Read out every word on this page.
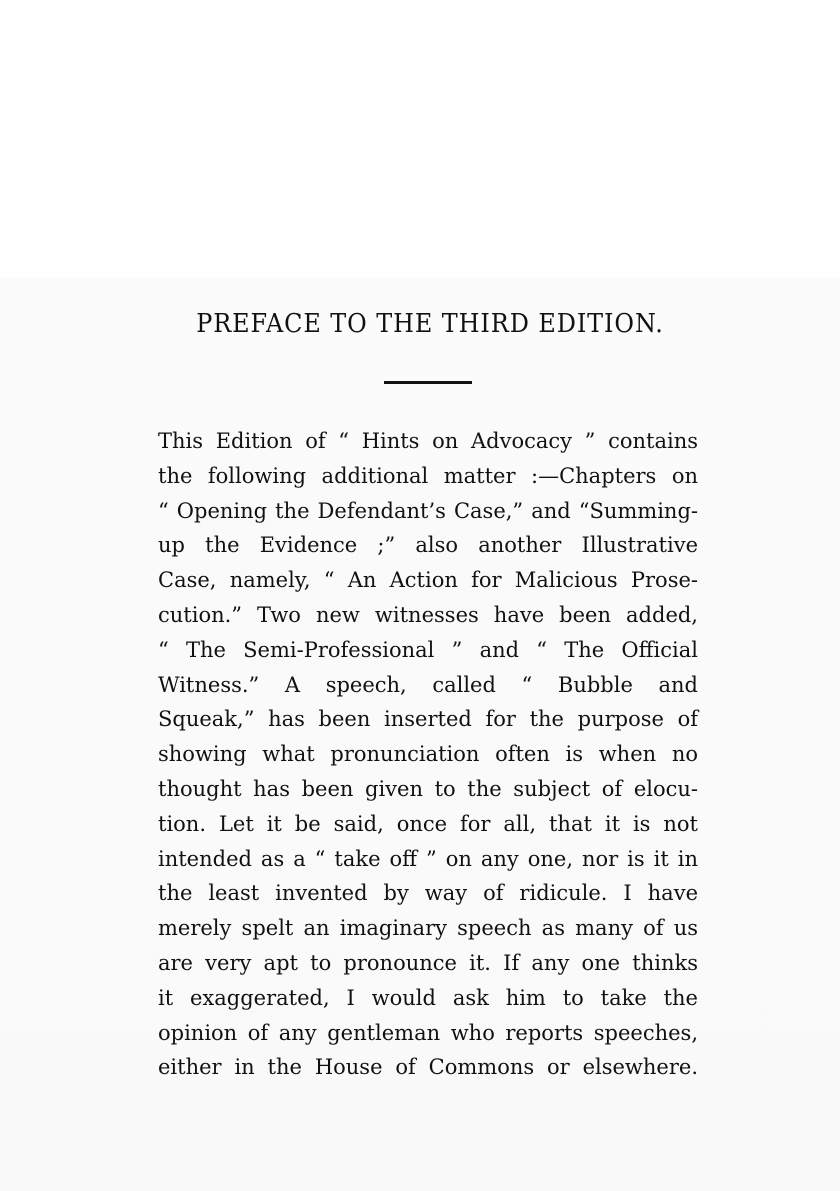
PREFACE TO THE THIRD EDITION.
This Edition of “ Hints on Advocacy ” contains
the following additional matter :—Chapters on
“ Opening the Defendant’s Case,” and “Summing-
up the Evidence ;” also another Illustrative
Case, namely, “ An Action for Malicious Prose-
cution.” Two new witnesses have been added,
“ The Semi-Professional ” and “ The Official
Witness.” A speech, called “ Bubble and
Squeak,” has been inserted for the purpose of
showing what pronunciation often is when no
thought has been given to the subject of elocu-
tion. Let it be said, once for all, that it is not
intended as a “ take off ” on any one, nor is it in
the least invented by way of ridicule. I have
merely spelt an imaginary speech as many of us
are very apt to pronounce it. If any one thinks
it exaggerated, I would ask him to take the
opinion of any gentleman who reports speeches,
either in the House of Commons or elsewhere.
